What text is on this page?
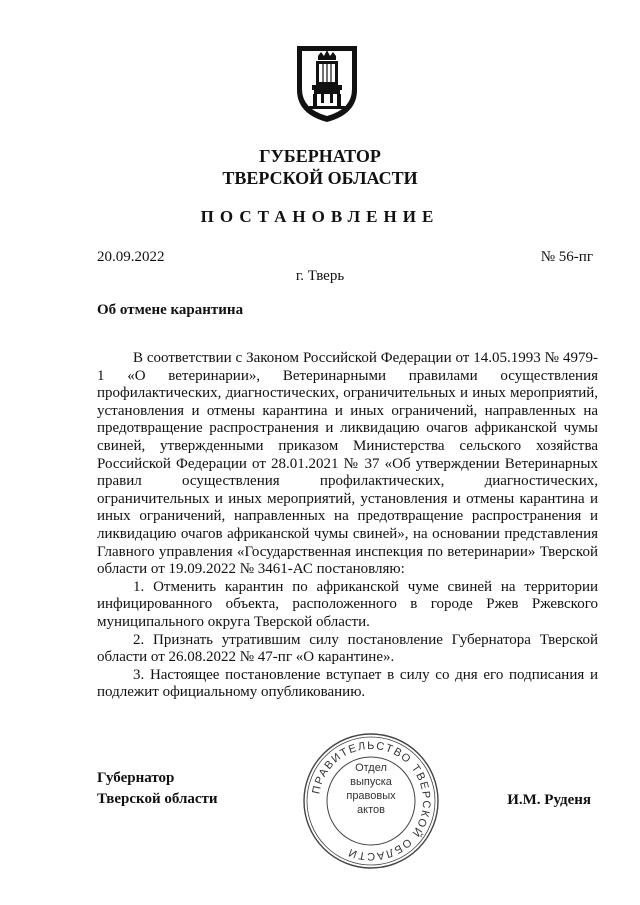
ГУБЕРНАТОР
ТВЕРСКОЙ ОБЛАСТИ
ПОСТАНОВЛЕНИЕ
20.09.2022	№ 56-пг
г. Тверь
Об отмене карантина

В соответствии с Законом Российской Федерации от 14.05.1993 № 4979-1 «О ветеринарии», Ветеринарными правилами осуществления профилактических, диагностических, ограничительных и иных мероприятий, установления и отмены карантина и иных ограничений, направленных на предотвращение распространения и ликвидацию очагов африканской чумы свиней, утвержденными приказом Министерства сельского хозяйства Российской Федерации от 28.01.2021 № 37 «Об утверждении Ветеринарных правил осуществления профилактических, диагностических, ограничительных и иных мероприятий, установления и отмены карантина и иных ограничений, направленных на предотвращение распространения и ликвидацию очагов африканской чумы свиней», на основании представления Главного управления «Государственная инспекция по ветеринарии» Тверской области от 19.09.2022 № 3461-АС постановляю:

1. Отменить карантин по африканской чуме свиней на территории инфицированного объекта, расположенного в городе Ржев Ржевского муниципального округа Тверской области.

2. Признать утратившим силу постановление Губернатора Тверской области от 26.08.2022 № 47-пг «О карантине».

3. Настоящее постановление вступает в силу со дня его подписания и подлежит официальному опубликованию.

Губернатор
Тверской области
ПРАВИТЕЛЬСТВО ТВЕРСКОЙ ОБЛАСТИ
Отдел
выпуска
правовых
актов
И.М. Руденя
